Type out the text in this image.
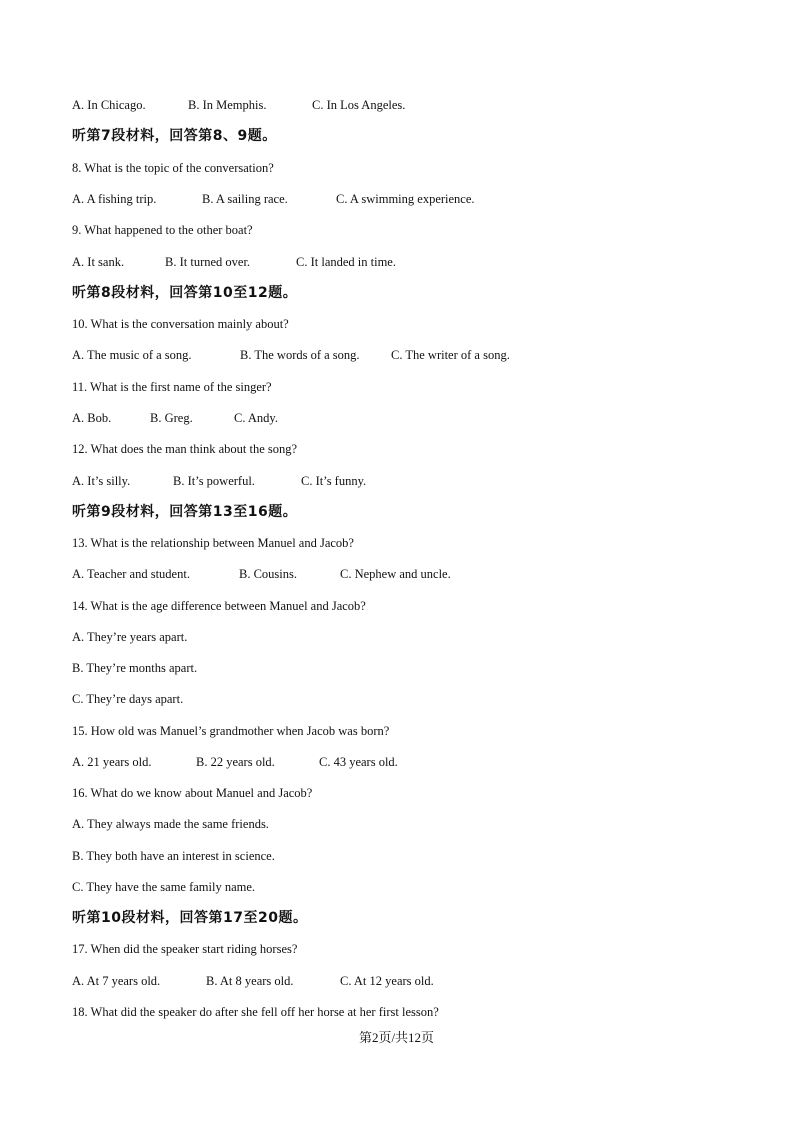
A. In Chicago.	B. In Memphis.	C. In Los Angeles.
听第7段材料，回答第8、9题。
8. What is the topic of the conversation?
A. A fishing trip.	B. A sailing race.	C. A swimming experience.
9. What happened to the other boat?
A. It sank.	B. It turned over.	C. It landed in time.
听第8段材料，回答第10至12题。
10. What is the conversation mainly about?
A. The music of a song.	B. The words of a song.	C. The writer of a song.
11. What is the first name of the singer?
A. Bob.	B. Greg.	C. Andy.
12. What does the man think about the song?
A. It’s silly.	B. It’s powerful.	C. It’s funny.
听第9段材料，回答第13至16题。
13. What is the relationship between Manuel and Jacob?
A. Teacher and student.	B. Cousins.	C. Nephew and uncle.
14. What is the age difference between Manuel and Jacob?
A. They’re years apart.
B. They’re months apart.
C. They’re days apart.
15. How old was Manuel’s grandmother when Jacob was born?
A. 21 years old.	B. 22 years old.	C. 43 years old.
16. What do we know about Manuel and Jacob?
A. They always made the same friends.
B. They both have an interest in science.
C. They have the same family name.
听第10段材料，回答第17至20题。
17. When did the speaker start riding horses?
A. At 7 years old.	B. At 8 years old.	C. At 12 years old.
18. What did the speaker do after she fell off her horse at her first lesson?
第2页/共12页
